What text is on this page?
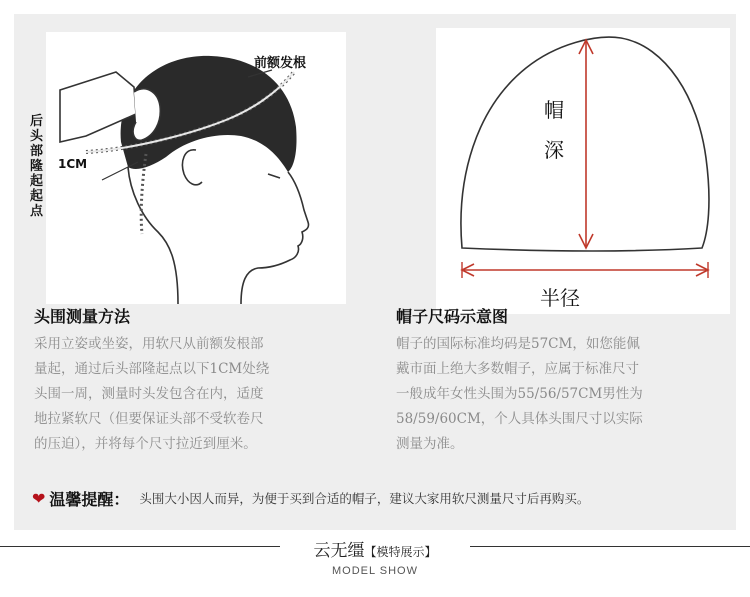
前额发根
1CM
后头部隆起起点
帽
深
半径
头围测量方法
采用立姿或坐姿，用软尺从前额发根部
量起，通过后头部隆起点以下1CM处绕
头围一周，测量时头发包含在内，适度
地拉紧软尺（但要保证头部不受软卷尺
的压迫），并将每个尺寸拉近到厘米。
帽子尺码示意图
帽子的国际标准均码是57CM，如您能佩
戴市面上绝大多数帽子，应属于标准尺寸
一般成年女性头围为55/56/57CM男性为
58/59/60CM，个人具体头围尺寸以实际
测量为准。
❤ 温馨提醒： 头围大小因人而异，为便于买到合适的帽子，建议大家用软尺测量尺寸后再购买。
云无缰【模特展示】
MODEL SHOW
